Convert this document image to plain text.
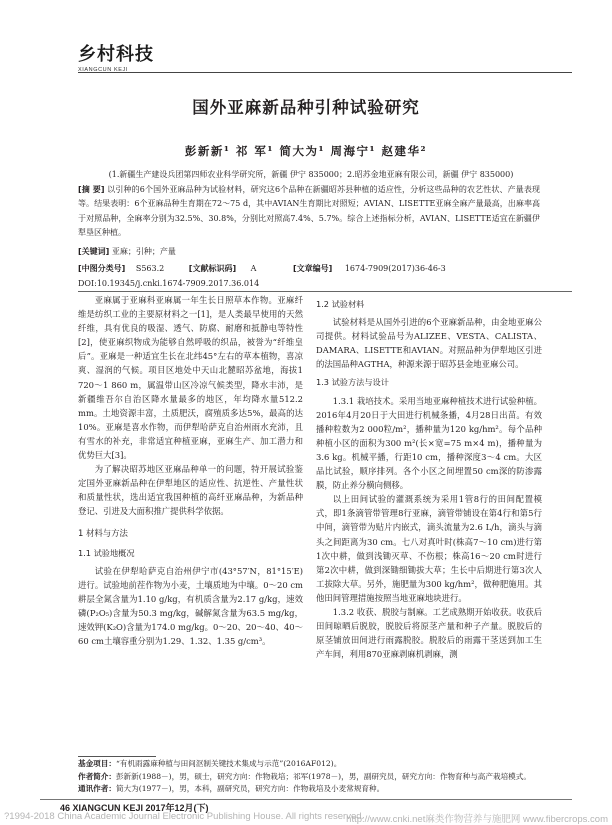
乡村科技
XIANGCUN KEJI
国外亚麻新品种引种试验研究
彭新新¹ 祁 军¹ 简大为¹ 周海宁¹ 赵建华²
(1.新疆生产建设兵团第四师农业科学研究所，新疆 伊宁 835000；2.昭苏金地亚麻有限公司，新疆 伊宁 835000)
[摘 要] 以引种的6个国外亚麻品种为试验材料，研究这6个品种在新疆昭苏县种植的适应性，分析这些品种的农艺性状、产量表现等。结果表明：6个亚麻品种生育期在72～75 d，其中AVIAN生育期比对照短；AVIAN、LISETTE亚麻全麻产量最高，出麻率高于对照品种，全麻率分别为32.5%、30.8%，分别比对照高7.4%、5.7%。综合上述指标分析，AVIAN、LISETTE适宜在新疆伊犁垦区种植。
[关键词] 亚麻；引种；产量
[中图分类号] S563.2	[文献标识码] A	[文章编号] 1674-7909(2017)36-46-3
DOI:10.19345/j.cnki.1674-7909.2017.36.014

亚麻属于亚麻科亚麻属一年生长日照草本作物。亚麻纤维是纺织工业的主要原材料之一[1]，是人类最早使用的天然纤维，具有优良的吸湿、透气、防腐、耐磨和抵静电等特性[2]，使亚麻织物成为能够自然呼吸的织品，被誉为“纤维皇后”。亚麻是一种适宜生长在北纬45°左右的草本植物，喜凉爽、湿润的气候。项目区地处中天山北麓昭苏盆地，海拔1 720～1 860 m，属温带山区冷凉气候类型，降水丰沛，是新疆维吾尔自治区降水量最多的地区，年均降水量512.2 mm。土地资源丰富，土质肥沃，腐殖质多达5%，最高的达10%。亚麻是喜水作物，而伊犁哈萨克自治州雨水充沛，且有雪水的补充，非常适宜种植亚麻，亚麻生产、加工潜力和优势巨大[3]。

为了解决昭苏地区亚麻品种单一的问题，特开展试验鉴定国外亚麻新品种在伊犁地区的适应性、抗逆性、产量性状和质量性状，选出适宜我国种植的高纤亚麻品种，为新品种登记、引进及大面积推广提供科学依据。

1 材料与方法
1.1 试验地概况

试验在伊犁哈萨克自治州伊宁市(43°57′N，81°15′E)进行。试验地前茬作物为小麦，土壤质地为中壤。0～20 cm耕层全氮含量为1.10 g/kg，有机质含量为2.17 g/kg，速效磷(P₂O₅)含量为50.3 mg/kg，碱解氮含量为63.5 mg/kg，速效钾(K₂O)含量为174.0 mg/kg。0～20、20～40、40～60 cm土壤容重分别为1.29、1.32、1.35 g/cm³。

1.2 试验材料

试验材料是从国外引进的6个亚麻新品种，由金地亚麻公司提供。材料试验品号为ALIZEE、VESTA、CALISTA、DAMARA、LISETTE和AVIAN。对照品种为伊犁地区引进的法国品种AGTHA，种源来源于昭苏县金地亚麻公司。

1.3 试验方法与设计

1.3.1 栽培技术。采用当地亚麻种植技术进行试验种植。2016年4月20日于大田进行机械条播，4月28日出苗。有效播种粒数为2 000粒/m²，播种量为120 kg/hm²。每个品种种植小区的面积为300 m²(长×宽=75 m×4 m)，播种量为3.6 kg。机械平播，行距10 cm，播种深度3～4 cm。大区品比试验，顺序排列。各个小区之间埋置50 cm深的防渗露膜，防止养分横向侧移。

以上田间试验的灌溉系统为采用1管8行的田间配置模式，即1条滴管带管理8行亚麻，滴管带铺设在第4行和第5行中间，滴管带为贴片内嵌式，滴头流量为2.6 L/h，滴头与滴头之间距离为30 cm。七八对真叶时(株高7～10 cm)进行第1次中耕，做到浅锄灭草、不伤根；株高16～20 cm时进行第2次中耕，做到深锄细锄拔大草；生长中后期进行第3次人工拔除大草。另外，施肥量为300 kg/hm²，做种肥施用。其他田间管理措施按照当地亚麻地块进行。

1.3.2 收获、脱胶与制麻。工艺成熟期开始收获。收获后田间晾晒后脱胶，脱胶后将原茎产量和种子产量。脱胶后的原茎铺放田间进行雨露脱胶。脱胶后的雨露干茎送到加工生产车间，利用870亚麻剥麻机剥麻，测

基金项目：“有机雨露麻种植与田间沤制关键技术集成与示范”(2016AF012)。
作者简介：彭新新(1988－)，男，硕士，研究方向：作物栽培；祁军(1978－)，男，副研究员，研究方向：作物育种与高产栽培模式。
通讯作者：简大为(1977－)，男，本科，副研究员，研究方向：作物栽培及小麦常规育种。
46 XIANGCUN KEJI 2017年12月(下)
?1994-2018 China Academic Journal Electronic Publishing House. All rights reserved.
http://www.cnki.net麻类作物营养与施肥网 www.fibercrops.com
